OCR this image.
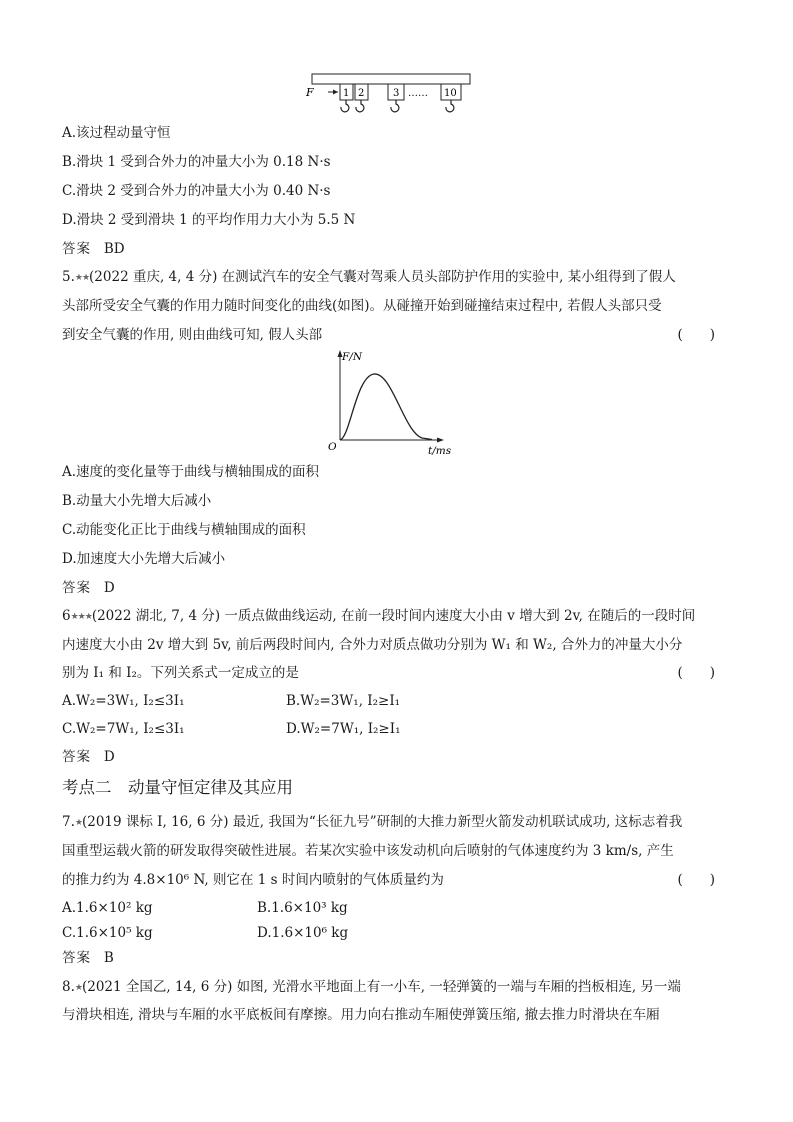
F	1 2	3	10
……
A.该过程动量守恒
B.滑块 1 受到合外力的冲量大小为 0.18 N·s
C.滑块 2 受到合外力的冲量大小为 0.40 N·s
D.滑块 2 受到滑块 1 的平均作用力大小为 5.5 N
答案 BD
5.★★(2022 重庆, 4, 4 分) 在测试汽车的安全气囊对驾乘人员头部防护作用的实验中, 某小组得到了假人
头部所受安全气囊的作用力随时间变化的曲线(如图)。从碰撞开始到碰撞结束过程中, 若假人头部只受
到安全气囊的作用, 则由曲线可知, 假人头部	(　　)
F/N
t/ms
O
A.速度的变化量等于曲线与横轴围成的面积
B.动量大小先增大后减小
C.动能变化正比于曲线与横轴围成的面积
D.加速度大小先增大后减小
答案 D
6★★★(2022 湖北, 7, 4 分) 一质点做曲线运动, 在前一段时间内速度大小由 v 增大到 2v, 在随后的一段时间
内速度大小由 2v 增大到 5v, 前后两段时间内, 合外力对质点做功分别为 W₁ 和 W₂, 合外力的冲量大小分
别为 I₁ 和 I₂。下列关系式一定成立的是	(　　)
A.W₂=3W₁, I₂≤3I₁	B.W₂=3W₁, I₂≥I₁
C.W₂=7W₁, I₂≤3I₁	D.W₂=7W₁, I₂≥I₁
答案 D
考点二　动量守恒定律及其应用
7.★(2019 课标 Ⅰ, 16, 6 分) 最近, 我国为“长征九号”研制的大推力新型火箭发动机联试成功, 这标志着我
国重型运载火箭的研发取得突破性进展。若某次实验中该发动机向后喷射的气体速度约为 3 km/s, 产生
的推力约为 4.8×10⁶ N, 则它在 1 s 时间内喷射的气体质量约为	(　　)
A.1.6×10² kg	B.1.6×10³ kg
C.1.6×10⁵ kg	D.1.6×10⁶ kg
答案 B
8.★(2021 全国乙, 14, 6 分) 如图, 光滑水平地面上有一小车, 一轻弹簧的一端与车厢的挡板相连, 另一端
与滑块相连, 滑块与车厢的水平底板间有摩擦。用力向右推动车厢使弹簧压缩, 撤去推力时滑块在车厢
